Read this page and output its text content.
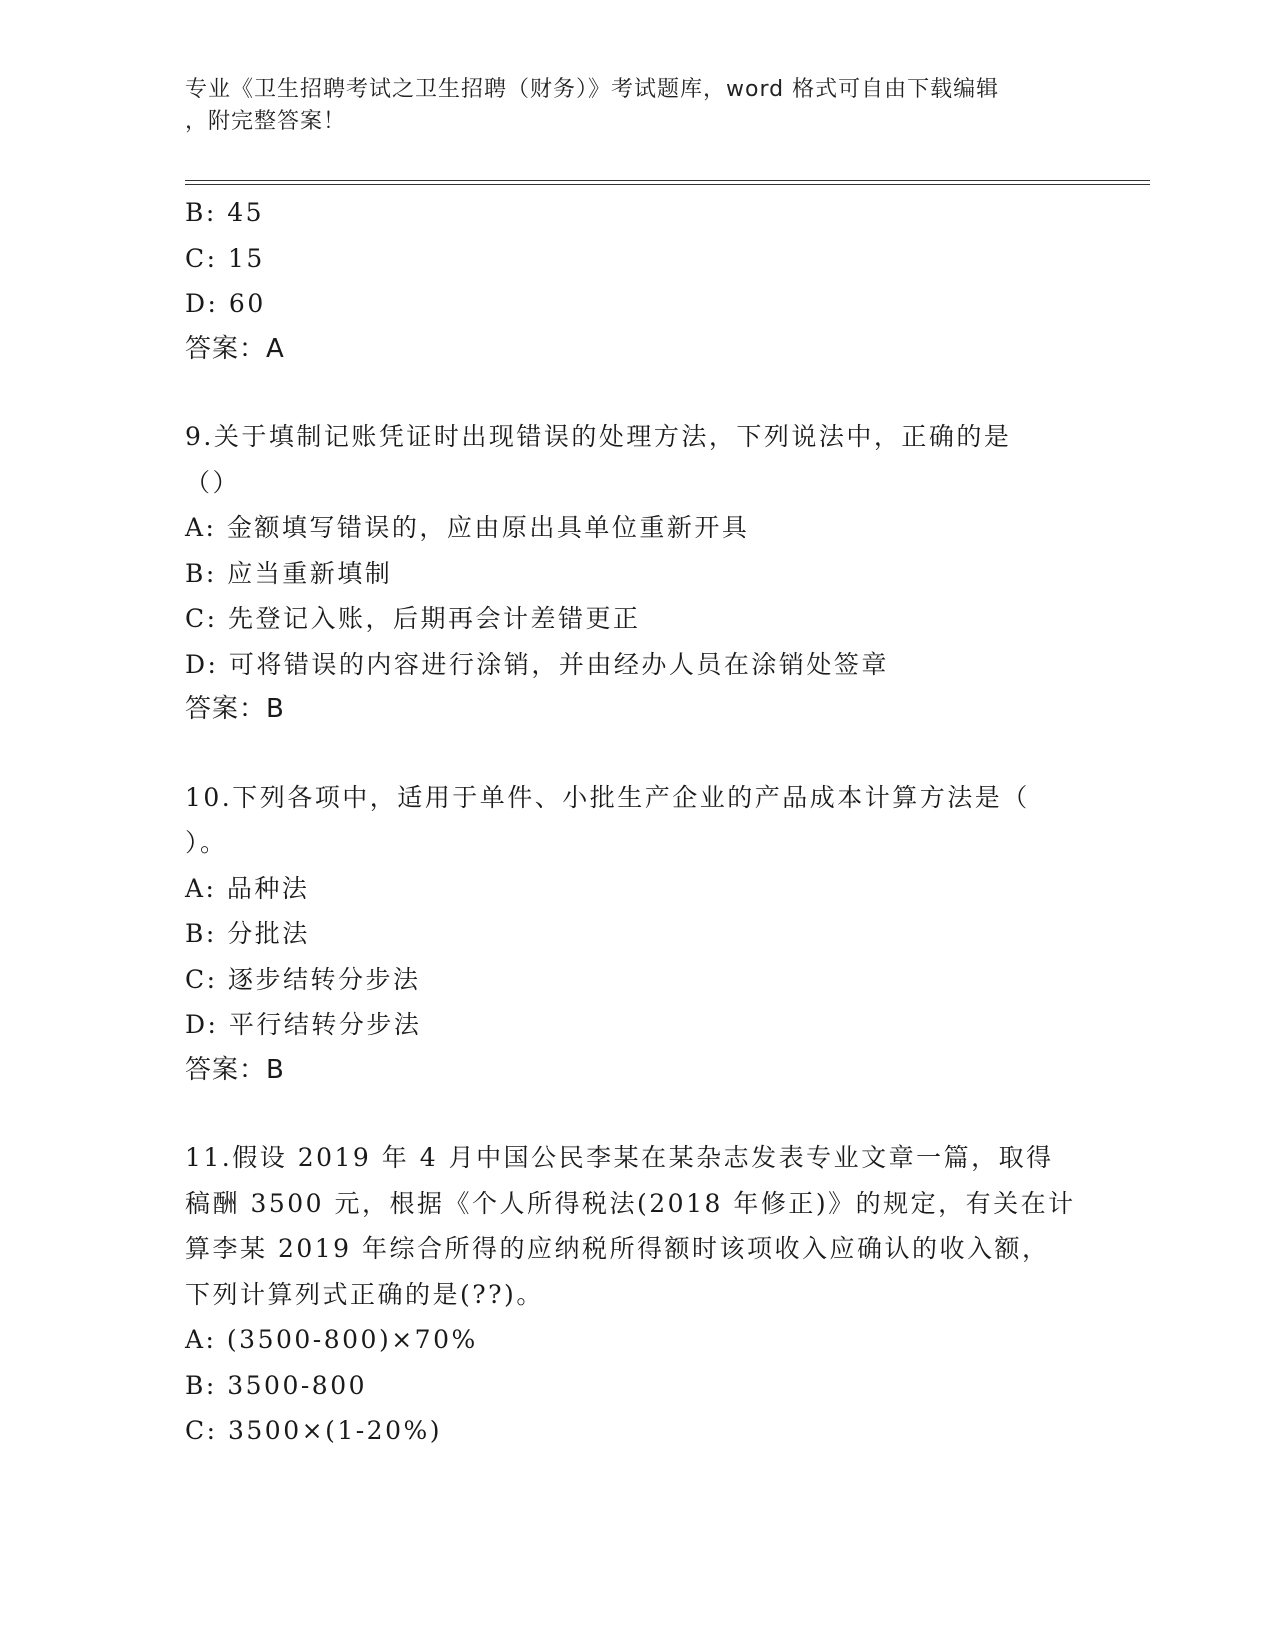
专业《卫生招聘考试之卫生招聘（财务）》考试题库，word 格式可自由下载编辑
，附完整答案！
B: 45
C: 15
D: 60
答案：A
9.关于填制记账凭证时出现错误的处理方法，下列说法中，正确的是
（）
A: 金额填写错误的，应由原出具单位重新开具
B: 应当重新填制
C: 先登记入账，后期再会计差错更正
D: 可将错误的内容进行涂销，并由经办人员在涂销处签章
答案：B
10.下列各项中，适用于单件、小批生产企业的产品成本计算方法是（
）。
A: 品种法
B: 分批法
C: 逐步结转分步法
D: 平行结转分步法
答案：B
11.假设 2019 年 4 月中国公民李某在某杂志发表专业文章一篇，取得
稿酬 3500 元，根据《个人所得税法(2018 年修正)》的规定，有关在计
算李某 2019 年综合所得的应纳税所得额时该项收入应确认的收入额，
下列计算列式正确的是(??)。
A: (3500-800)×70%
B: 3500-800
C: 3500×(1-20%)
